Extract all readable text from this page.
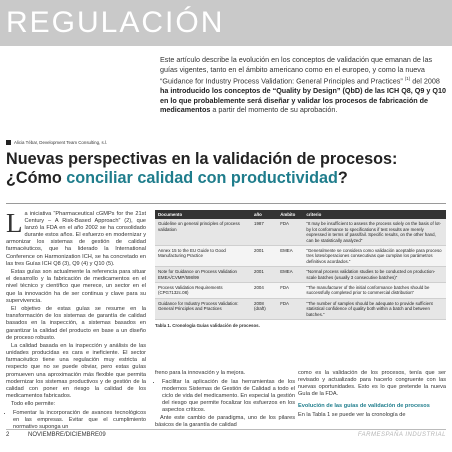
REGULACIÓN
Este artículo describe la evolución en los conceptos de validación que emanan de las guías vigentes, tanto en el ámbito americano como en el europeo, y como la nueva “Guidance for Industry Process Validation: General Principles and Practices” $^{(1)}$ del 2008 ha introducido los conceptos de “Quality by Design” (QbD) de las ICH Q8, Q9 y Q10 en lo que probablemente será diseñar y validar los procesos de fabricación de medicamentos a partir del momento de su aprobación.
Alicia Tébar, Development Team Consulting, s.l.
Nuevas perspectivas en la validación de procesos: ¿Cómo conciliar calidad con productividad?
L a iniciativa “Pharmaceutical cGMPs for the 21st Century – A Risk-Based Approach” (2), que lanzó la FDA en el año 2002 se ha consolidado durante estos años. El esfuerzo en modernizar y armonizar los sistemas de gestión de calidad farmacéuticos, que ha liderado la International Conference on Harmonization ICH, se ha concretado en las tres Guías ICH Q8 (3), Q9 (4) y Q10 (5).

Estas guías son actualmente la referencia para situar el desarrollo y la fabricación de medicamentos en el nivel técnico y científico que merece, un sector en el que la innovación ha de ser continua y clave para su supervivencia.

El objetivo de estas guías se resume en la transformación de los sistemas de garantía de calidad basados en la inspección, a sistemas basados en garantizar la calidad del producto en base a un diseño de proceso robusto.

La calidad basada en la inspección y análisis de las unidades producidas es cara e ineficiente. El sector farmacéutico tiene una regulación muy estricta al respecto que no se puede obviar, pero estas guías promueven una aproximación más flexible que permita modernizar los sistemas productivos y de gestión de la calidad con poner en riesgo la calidad de los medicamentos fabricados.

Todo ello permite:

• Fomentar la incorporación de avances tecnológicos en las empresas. Evitar que el cumplimiento normativo suponga un
Documento	año	Ámbito	criterio
Guideline on general principles of process validation	1987	FDA	“It may be insufficient to assess the process solely on the basis of lot-by lot conformance to specifications if test results are merely expressed in terms of pass/fail. Specific results, on the other hand, can be statistically analyzed”
Annex 15 to the EU Guide to Good Manufacturing Practice	2001	EMEA	“Generalmente se considera como validación aceptable para proceso tres lotes/operaciones consecutivas que cumplan los parámetros definitivos acordados.”
Note for Guidance on Process Validation EMEA/CVMP/598/99	2001	EMEA	“Normal process validation studies to be conducted on production-scale batches (usually 3 consecutive batches)”
Process Validation Requirements (CPG7132c.08)	2004	FDA	“The manufacturer of the initial conformance batches should be successfully completed prior to commercial distribution”
Guidance for Industry Process Validation: General Principles and Practices	2008 (draft)	FDA	“The number of samples should be adequate to provide sufficient statistical confidence of quality both within a batch and between batches.”
Tabla 1. Cronología Guías validación de procesos.

freno para la innovación y la mejora.

• Facilitar la aplicación de las herramientas de los modernos Sistemas de Gestión de Calidad a todo el ciclo de vida del medicamento. En especial la gestión del riesgo que permite focalizar los esfuerzos en los aspectos críticos.

Ante este cambio de paradigma, uno de los pilares básicos de la garantía de calidad

como es la validación de los procesos, tenía que ser revisado y actualizado para hacerlo congruente con las nuevas oportunidades. Esto es lo que pretende la nueva Guía de la FDA.

Evolución de las guías de validación de procesos

En la Tabla 1 se puede ver la cronología de

2	NOVIEMBRE/DICIEMBRE09	FARMESPAÑA INDUSTRIAL
